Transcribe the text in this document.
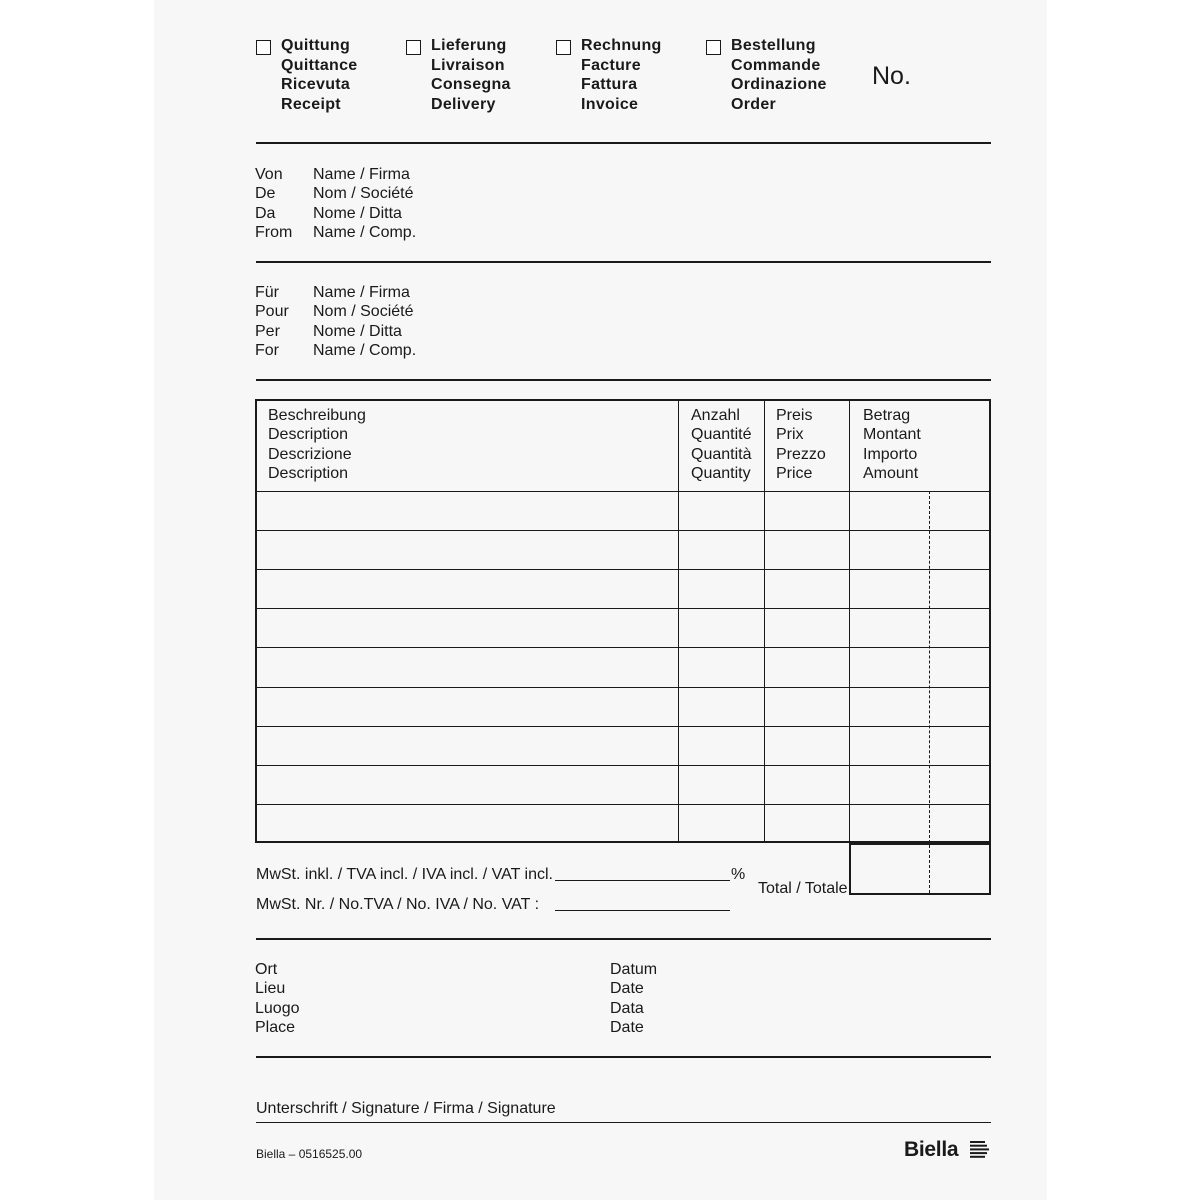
Quittung
Quittance
Ricevuta
Receipt
Lieferung
Livraison
Consegna
Delivery
Rechnung
Facture
Fattura
Invoice
Bestellung
Commande
Ordinazione
Order
No.
Von
De
Da
From
Name / Firma
Nom / Société
Nome / Ditta
Name / Comp.
Für
Pour
Per
For
Name / Firma
Nom / Société
Nome / Ditta
Name / Comp.
Beschreibung
Description
Descrizione
Description
Anzahl
Quantité
Quantità
Quantity
Preis
Prix
Prezzo
Price
Betrag
Montant
Importo
Amount
MwSt. inkl. / TVA incl. / IVA incl. / VAT incl.	%
MwSt. Nr. / No.TVA / No. IVA / No. VAT :
Total / Totale
Ort
Lieu
Luogo
Place
Datum
Date
Data
Date
Unterschrift / Signature / Firma / Signature
Biella – 0516525.00	Biella
